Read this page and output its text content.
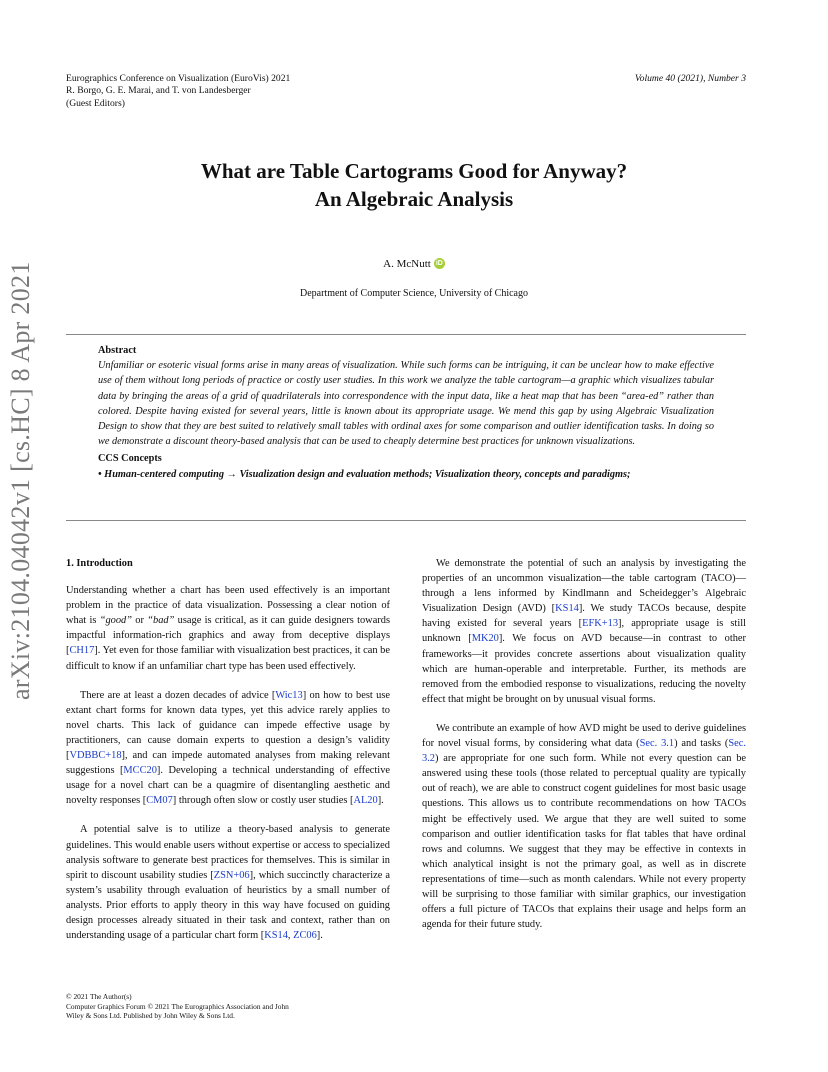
Eurographics Conference on Visualization (EuroVis) 2021
R. Borgo, G. E. Marai, and T. von Landesberger
(Guest Editors)
Volume 40 (2021), Number 3
What are Table Cartograms Good for Anyway?
An Algebraic Analysis
A. McNutt iD
Department of Computer Science, University of Chicago
Abstract
Unfamiliar or esoteric visual forms arise in many areas of visualization. While such forms can be intriguing, it can be unclear how to make effective use of them without long periods of practice or costly user studies. In this work we analyze the table cartogram—a graphic which visualizes tabular data by bringing the areas of a grid of quadrilaterals into correspondence with the input data, like a heat map that has been “area-ed” rather than colored. Despite having existed for several years, little is known about its appropriate usage. We mend this gap by using Algebraic Visualization Design to show that they are best suited to relatively small tables with ordinal axes for some comparison and outlier identification tasks. In doing so we demonstrate a discount theory-based analysis that can be used to cheaply determine best practices for unknown visualizations.
CCS Concepts
• Human-centered computing → Visualization design and evaluation methods; Visualization theory, concepts and paradigms;
arXiv:2104.04042v1 [cs.HC] 8 Apr 2021	1. Introduction

Understanding whether a chart has been used effectively is an important problem in the practice of data visualization. Possessing a clear notion of what is “good” or “bad” usage is critical, as it can guide designers towards impactful information-rich graphics and away from deceptive displays [CH17]. Yet even for those familiar with visualization best practices, it can be difficult to know if an unfamiliar chart type has been used effectively.

There are at least a dozen decades of advice [Wic13] on how to best use extant chart forms for known data types, yet this advice rarely applies to novel charts. This lack of guidance can impede effective usage by practitioners, can cause domain experts to question a design’s validity [VDBBC+18], and can impede automated analyses from making relevant suggestions [MCC20]. Developing a technical understanding of effective usage for a novel chart can be a quagmire of disentangling aesthetic and novelty responses [CM07] through often slow or costly user studies [AL20].

A potential salve is to utilize a theory-based analysis to generate guidelines. This would enable users without expertise or access to specialized analysis software to generate best practices for themselves. This is similar in spirit to discount usability studies [ZSN+06], which succinctly characterize a system’s usability through evaluation of heuristics by a small number of analysts. Prior efforts to apply theory in this way have focused on guiding design processes already situated in their task and context, rather than on understanding usage of a particular chart form [KS14, ZC06].

We demonstrate the potential of such an analysis by investigating the properties of an uncommon visualization—the table cartogram (TACO)— through a lens informed by Kindlmann and Scheidegger’s Algebraic Visualization Design (AVD) [KS14]. We study TACOs because, despite having existed for several years [EFK+13], appropriate usage is still unknown [MK20]. We focus on AVD because—in contrast to other frameworks—it provides concrete assertions about visualization quality which are human-operable and interpretable. Further, its methods are removed from the embodied response to visualizations, reducing the novelty effect that might be brought on by unusual visual forms.

We contribute an example of how AVD might be used to derive guidelines for novel visual forms, by considering what data (Sec. 3.1) and tasks (Sec. 3.2) are appropriate for one such form. While not every question can be answered using these tools (those related to perceptual quality are typically out of reach), we are able to construct cogent guidelines for most basic usage questions. This allows us to contribute recommendations on how TACOs might be effectively used. We argue that they are well suited to some comparison and outlier identification tasks for flat tables that have ordinal rows and columns. We suggest that they may be effective in contexts in which analytical insight is not the primary goal, as well as in discrete representations of time—such as month calendars. While not every property will be surprising to those familiar with similar graphics, our investigation offers a full picture of TACOs that explains their usage and helps form an agenda for their future study.

© 2021 The Author(s)
Computer Graphics Forum © 2021 The Eurographics Association and John
Wiley & Sons Ltd. Published by John Wiley & Sons Ltd.
